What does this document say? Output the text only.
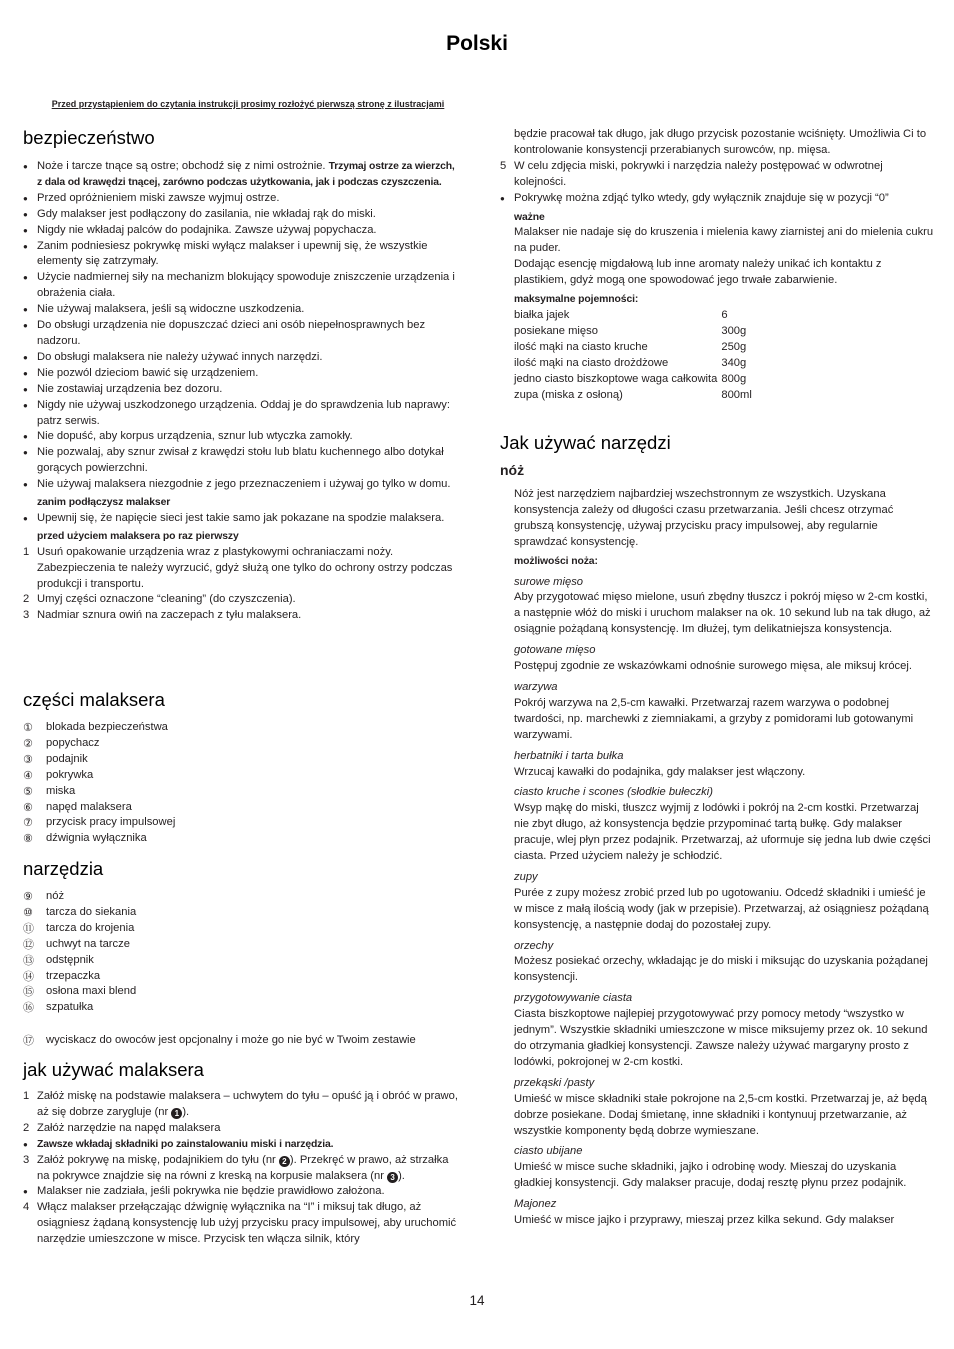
Polski
Przed przystąpieniem do czytania instrukcji prosimy rozłożyć pierwszą stronę z ilustracjami
bezpieczeństwo
● Noże i tarcze tnące są ostre; obchodź się z nimi ostrożnie. Trzymaj ostrze za wierzch, z dala od krawędzi tnącej, zarówno podczas użytkowania, jak i podczas czyszczenia.
● Przed opróżnieniem miski zawsze wyjmuj ostrze.
● Gdy malakser jest podłączony do zasilania, nie wkładaj rąk do miski.
● Nigdy nie wkładaj palców do podajnika. Zawsze używaj popychacza.
● Zanim podniesiesz pokrywkę miski wyłącz malakser i upewnij się, że wszystkie elementy się zatrzymały.
● Użycie nadmiernej siły na mechanizm blokujący spowoduje zniszczenie urządzenia i obrażenia ciała.
● Nie używaj malaksera, jeśli są widoczne uszkodzenia.
● Do obsługi urządzenia nie dopuszczać dzieci ani osób niepełnosprawnych bez nadzoru.
● Do obsługi malaksera nie należy używać innych narzędzi.
● Nie pozwól dzieciom bawić się urządzeniem.
● Nie zostawiaj urządzenia bez dozoru.
● Nigdy nie używaj uszkodzonego urządzenia. Oddaj je do sprawdzenia lub naprawy: patrz serwis.
● Nie dopuść, aby korpus urządzenia, sznur lub wtyczka zamokły.
● Nie pozwalaj, aby sznur zwisał z krawędzi stołu lub blatu kuchennego albo dotykał gorących powierzchni.
● Nie używaj malaksera niezgodnie z jego przeznaczeniem i używaj go tylko w domu.
zanim podłączysz malakser
● Upewnij się, że napięcie sieci jest takie samo jak pokazane na spodzie malaksera.
przed użyciem malaksera po raz pierwszy
1 Usuń opakowanie urządzenia wraz z plastykowymi ochraniaczami noży. Zabezpieczenia te należy wyrzucić, gdyż służą one tylko do ochrony ostrzy podczas produkcji i transportu.
2 Umyj części oznaczone “cleaning” (do czyszczenia).
3 Nadmiar sznura owiń na zaczepach z tyłu malaksera.
części malaksera
① blokada bezpieczeństwa
② popychacz
③ podajnik
④ pokrywka
⑤ miska
⑥ napęd malaksera
⑦ przycisk pracy impulsowej
⑧ dźwignia wyłącznika
narzędzia
⑨ nóż
⑩ tarcza do siekania
⑪ tarcza do krojenia
⑫ uchwyt na tarcze
⑬ odstępnik
⑭ trzepaczka
⑮ osłona maxi blend
⑯ szpatułka
⑰ wyciskacz do owoców jest opcjonalny i może go nie być w Twoim zestawie
jak używać malaksera
1 Załóż miskę na podstawie malaksera – uchwytem do tyłu – opuść ją i obróć w prawo, aż się dobrze zarygluje (nr 1 ).
2 Załóż narzędzie na napęd malaksera
● Zawsze wkładaj składniki po zainstalowaniu miski i narzędzia.
3 Załóż pokrywę na miskę, podajnikiem do tyłu (nr 2 ). Przekręć w prawo, aż strzałka na pokrywce znajdzie się na równi z kreską na korpusie malaksera (nr 3 ).
● Malakser nie zadziała, jeśli pokrywka nie będzie prawidłowo założona.
4 Włącz malakser przełączając dźwignię wyłącznika na “I” i miksuj tak długo, aż osiągniesz żądaną konsystencję lub użyj przycisku pracy impulsowej, aby uruchomić narzędzie umieszczone w misce. Przycisk ten włącza silnik, który
będzie pracował tak długo, jak długo przycisk pozostanie wciśnięty. Umożliwia Ci to kontrolowanie konsystencji przerabianych surowców, np. mięsa.
5 W celu zdjęcia miski, pokrywki i narzędzia należy postępować w odwrotnej kolejności.
● Pokrywkę można zdjąć tylko wtedy, gdy wyłącznik znajduje się w pozycji “0”
ważne
Malakser nie nadaje się do kruszenia i mielenia kawy ziarnistej ani do mielenia cukru na puder.
Dodając esencję migdałową lub inne aromaty należy unikać ich kontaktu z plastikiem, gdyż mogą one spowodować jego trwałe zabarwienie.
maksymalne pojemności:
białka jajek	6
posiekane mięso	300g
ilość mąki na ciasto kruche	250g
ilość mąki na ciasto drożdżowe	340g
jedno ciasto biszkoptowe waga całkowita	800g
zupa (miska z osłoną)	800ml
Jak używać narzędzi
nóż
Nóż jest narzędziem najbardziej wszechstronnym ze wszystkich. Uzyskana konsystencja zależy od długości czasu przetwarzania. Jeśli chcesz otrzymać grubszą konsystencję, używaj przycisku pracy impulsowej, aby regularnie sprawdzać konsystencję.
możliwości noża:
surowe mięso
Aby przygotować mięso mielone, usuń zbędny tłuszcz i pokrój mięso w 2-cm kostki, a następnie włóż do miski i uruchom malakser na ok. 10 sekund lub na tak długo, aż osiągnie pożądaną konsystencję. Im dłużej, tym delikatniejsza konsystencja.
gotowane mięso
Postępuj zgodnie ze wskazówkami odnośnie surowego mięsa, ale miksuj krócej.
warzywa
Pokrój warzywa na 2,5-cm kawałki. Przetwarzaj razem warzywa o podobnej twardości, np. marchewki z ziemniakami, a grzyby z pomidorami lub gotowanymi warzywami.
herbatniki i tarta bułka
Wrzucaj kawałki do podajnika, gdy malakser jest włączony.
ciasto kruche i scones (słodkie bułeczki)
Wsyp mąkę do miski, tłuszcz wyjmij z lodówki i pokrój na 2-cm kostki. Przetwarzaj nie zbyt długo, aż konsystencja będzie przypominać tartą bułkę. Gdy malakser pracuje, wlej płyn przez podajnik. Przetwarzaj, aż uformuje się jedna lub dwie części ciasta. Przed użyciem należy je schłodzić.
zupy
Purée z zupy możesz zrobić przed lub po ugotowaniu. Odcedź składniki i umieść je w misce z małą ilością wody (jak w przepisie). Przetwarzaj, aż osiągniesz pożądaną konsystencję, a następnie dodaj do pozostałej zupy.
orzechy
Możesz posiekać orzechy, wkładając je do miski i miksując do uzyskania pożądanej konsystencji.
przygotowywanie ciasta
Ciasta biszkoptowe najlepiej przygotowywać przy pomocy metody “wszystko w jednym”. Wszystkie składniki umieszczone w misce miksujemy przez ok. 10 sekund do otrzymania gładkiej konsystencji. Zawsze należy używać margaryny prosto z lodówki, pokrojonej w 2-cm kostki.
przekąski /pasty
Umieść w misce składniki stałe pokrojone na 2,5-cm kostki. Przetwarzaj je, aż będą dobrze posiekane. Dodaj śmietanę, inne składniki i kontynuuj przetwarzanie, aż wszystkie komponenty będą dobrze wymieszane.
ciasto ubijane
Umieść w misce suche składniki, jajko i odrobinę wody. Mieszaj do uzyskania gładkiej konsystencji. Gdy malakser pracuje, dodaj resztę płynu przez podajnik.
Majonez
Umieść w misce jajko i przyprawy, mieszaj przez kilka sekund. Gdy malakser
14
